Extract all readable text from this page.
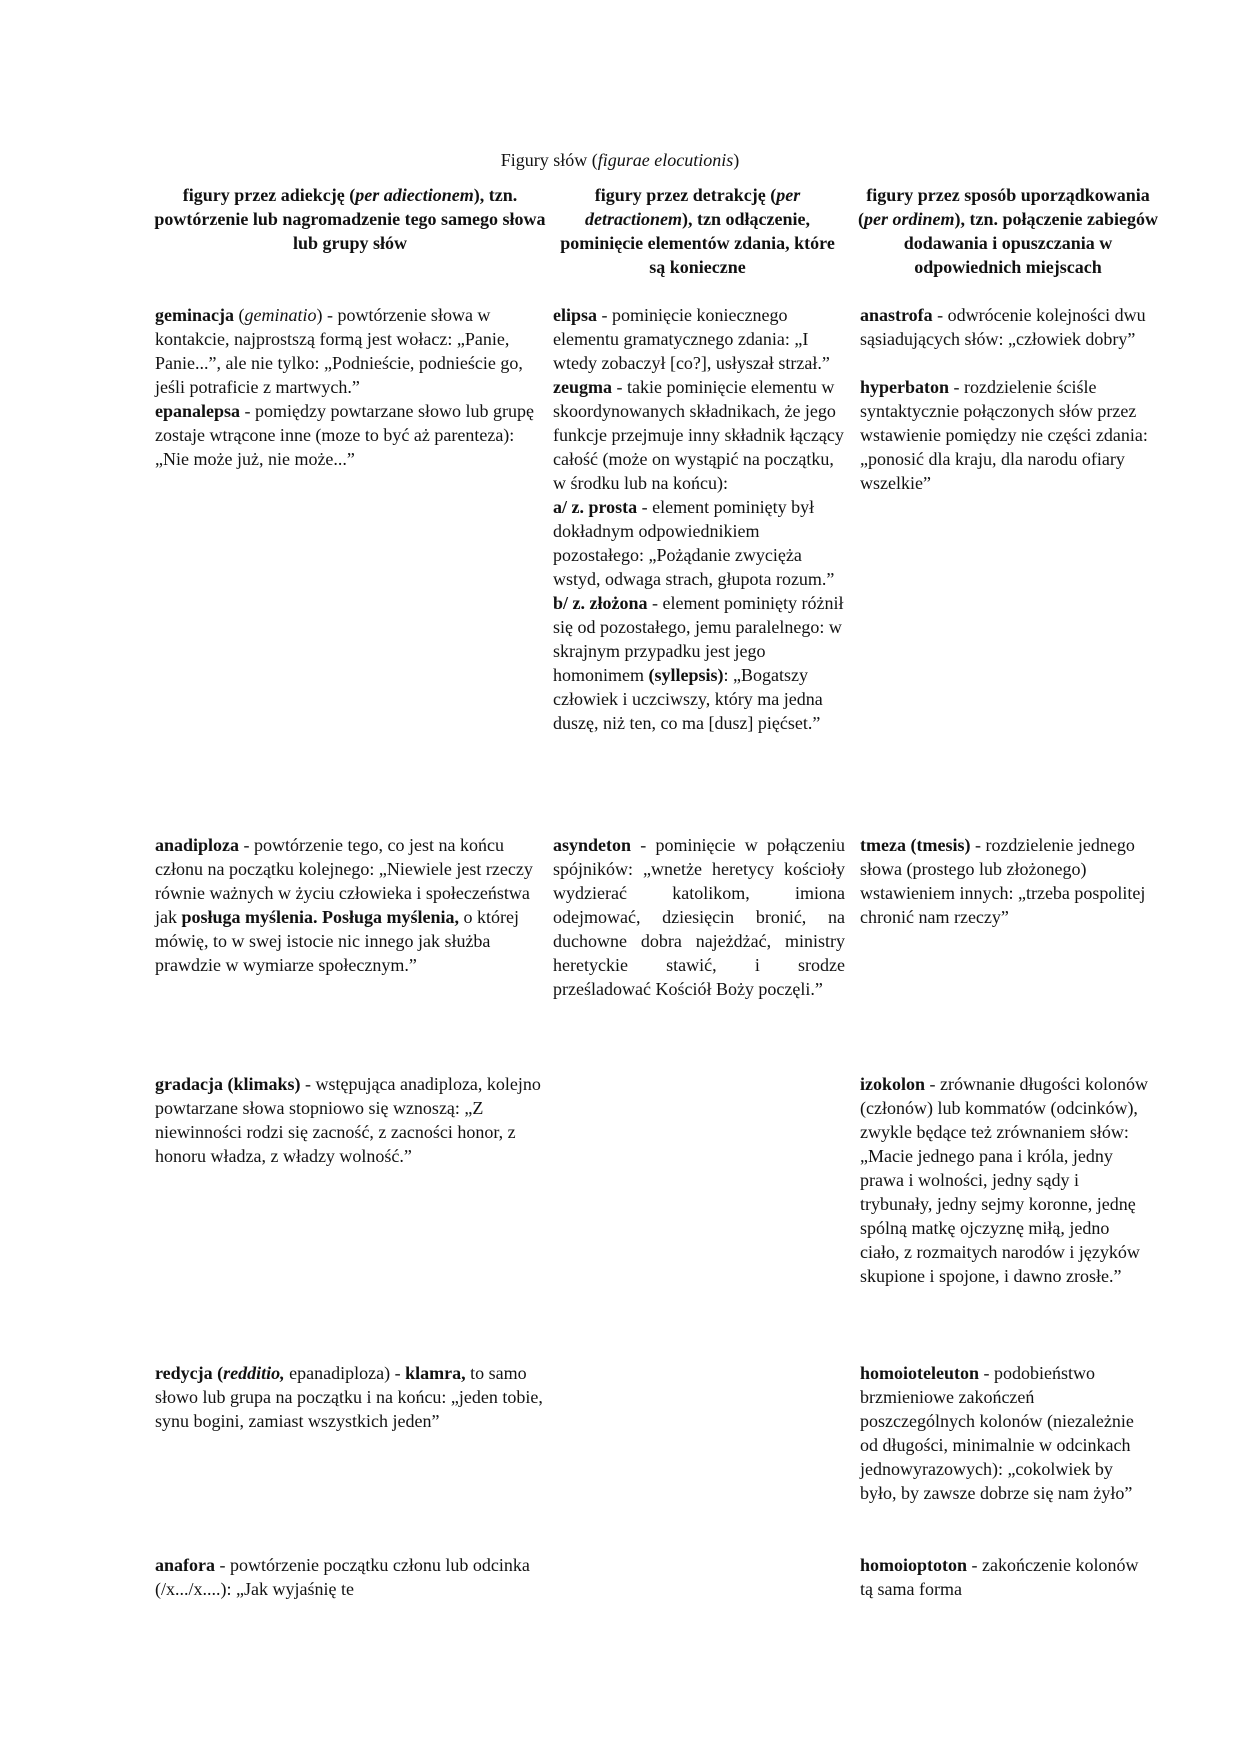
Figury słów (figurae elocutionis)
figury przez adiekcję (per adiectionem), tzn. powtórzenie lub nagromadzenie tego samego słowa lub grupy słów
figury przez detrakcję (per detractionem), tzn odłączenie, pominięcie elementów zdania, które są konieczne
figury przez sposób uporządkowania (per ordinem), tzn. połączenie zabiegów dodawania i opuszczania w odpowiednich miejscach

geminacja (geminatio) - powtórzenie słowa w kontakcie, najprostszą formą jest wołacz: „Panie, Panie...”, ale nie tylko: „Podnieście, podnieście go, jeśli potraficie z martwych.”

epanalepsa - pomiędzy powtarzane słowo lub grupę zostaje wtrącone inne (moze to być aż parenteza): „Nie może już, nie może...”

elipsa - pominięcie koniecznego elementu gramatycznego zdania: „I wtedy zobaczył [co?], usłyszał strzał.”

zeugma - takie pominięcie elementu w skoordynowanych składnikach, że jego funkcje przejmuje inny składnik łączący całość (może on wystąpić na początku, w środku lub na końcu):

a/ z. prosta - element pominięty był dokładnym odpowiednikiem pozostałego: „Pożądanie zwycięża wstyd, odwaga strach, głupota rozum.”

b/ z. złożona - element pominięty różnił się od pozostałego, jemu paralelnego: w skrajnym przypadku jest jego homonimem (syllepsis): „Bogatszy człowiek i uczciwszy, który ma jedna duszę, niż ten, co ma [dusz] pięćset.”

anastrofa - odwrócenie kolejności dwu sąsiadujących słów: „człowiek dobry”

hyperbaton - rozdzielenie ściśle syntaktycznie połączonych słów przez wstawienie pomiędzy nie części zdania: „ponosić dla kraju, dla narodu ofiary wszelkie”

anadiploza - powtórzenie tego, co jest na końcu członu na początku kolejnego: „Niewiele jest rzeczy równie ważnych w życiu człowieka i społeczeństwa jak posługa myślenia. Posługa myślenia, o której mówię, to w swej istocie nic innego jak służba prawdzie w wymiarze społecznym.”

asyndeton - pominięcie w połączeniu spójników: „wnetże heretycy kościoły wydzierać katolikom, imiona odejmować, dziesięcin bronić, na duchowne dobra najeżdżać, ministry heretyckie stawić, i srodze prześladować Kościół Boży poczęli.”

tmeza (tmesis) - rozdzielenie jednego słowa (prostego lub złożonego) wstawieniem innych: „trzeba pospolitej chronić nam rzeczy”

gradacja (klimaks) - wstępująca anadiploza, kolejno powtarzane słowa stopniowo się wznoszą: „Z niewinności rodzi się zacność, z zacności honor, z honoru władza, z władzy wolność.”

izokolon - zrównanie długości kolonów (członów) lub kommatów (odcinków), zwykle będące też zrównaniem słów: „Macie jednego pana i króla, jedny prawa i wolności, jedny sądy i trybunały, jedny sejmy koronne, jednę spólną matkę ojczyznę miłą, jedno ciało, z rozmaitych narodów i języków skupione i spojone, i dawno zrosłe.”

redycja (redditio, epanadiploza) - klamra, to samo słowo lub grupa na początku i na końcu: „jeden tobie, synu bogini, zamiast wszystkich jeden”

homoioteleuton - podobieństwo brzmieniowe zakończeń poszczególnych kolonów (niezależnie od długości, minimalnie w odcinkach jednowyrazowych): „cokolwiek by było, by zawsze dobrze się nam żyło”

anafora - powtórzenie początku członu lub odcinka (/x.../x....): „Jak wyjaśnię te

homoioptoton - zakończenie kolonów tą sama forma
